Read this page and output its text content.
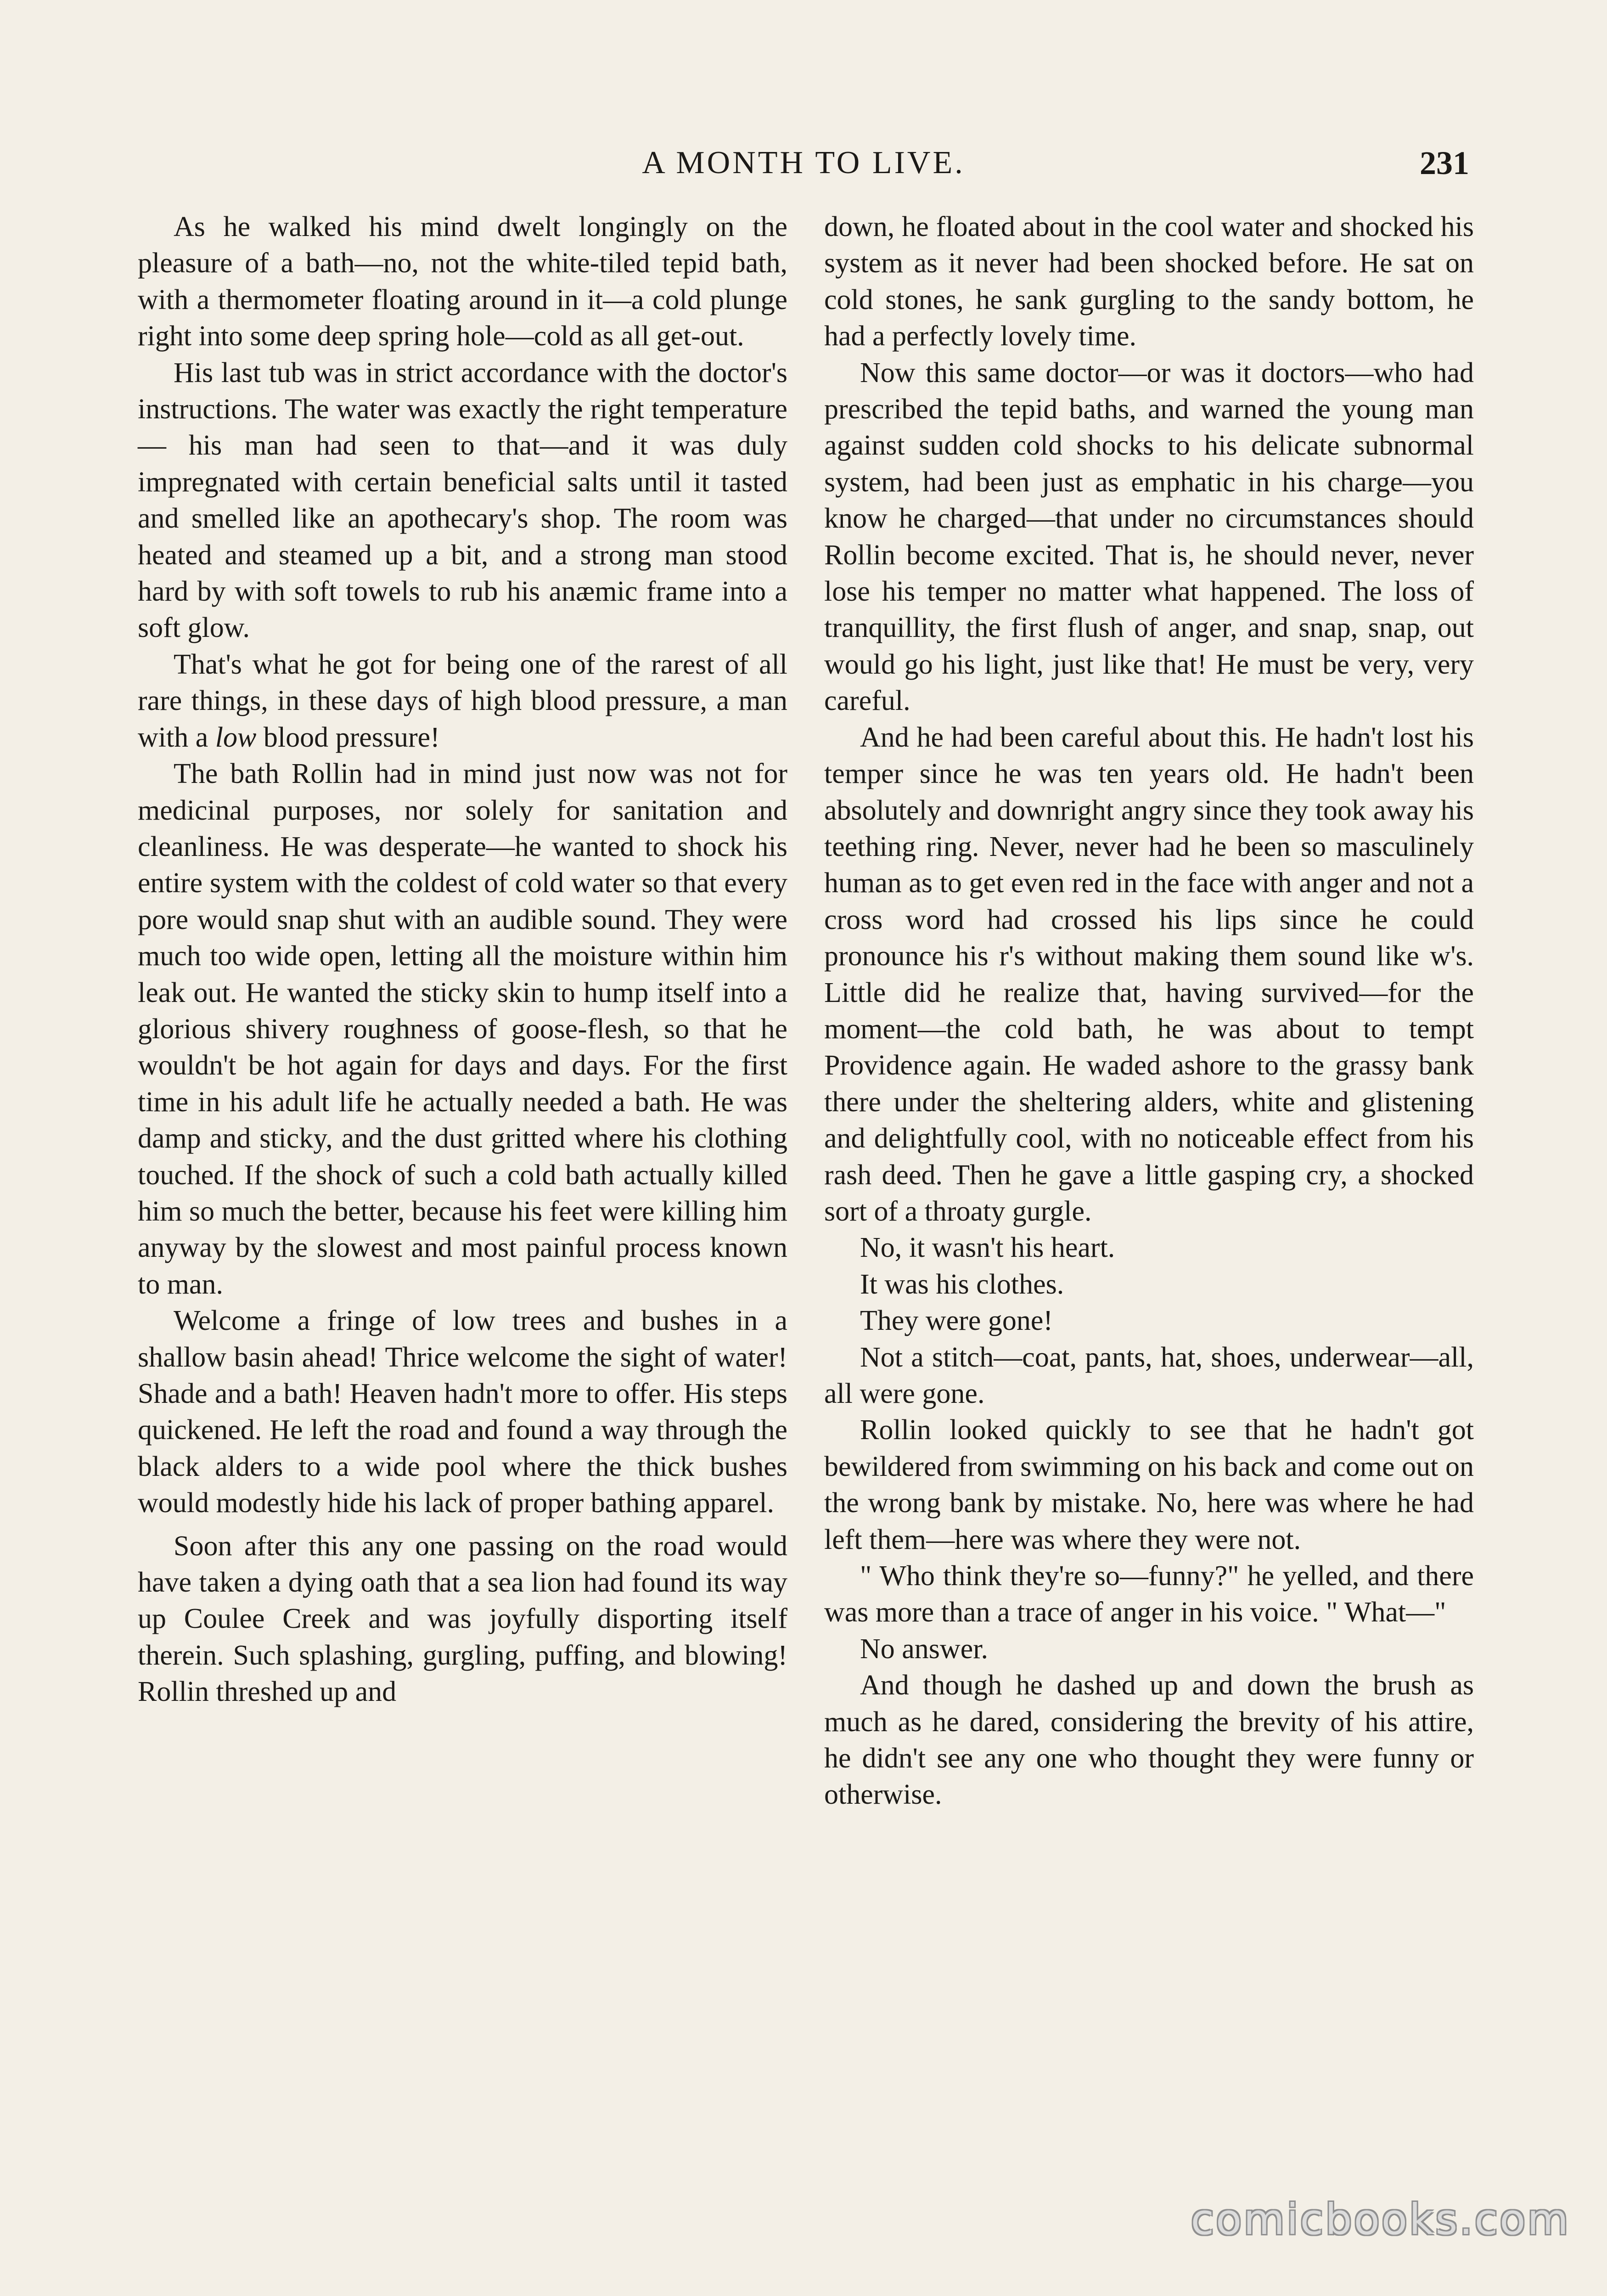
A MONTH TO LIVE.	231

As he walked his mind dwelt longingly on the pleasure of a bath—no, not the white-tiled tepid bath, with a thermometer floating around in it—a cold plunge right into some deep spring hole—cold as all get-out.

His last tub was in strict accordance with the doctor's instructions. The water was exactly the right temperature — his man had seen to that—and it was duly impregnated with certain beneficial salts until it tasted and smelled like an apothecary's shop. The room was heated and steamed up a bit, and a strong man stood hard by with soft towels to rub his anæmic frame into a soft glow.

That's what he got for being one of the rarest of all rare things, in these days of high blood pressure, a man with a low blood pressure!

The bath Rollin had in mind just now was not for medicinal purposes, nor solely for sanitation and cleanliness. He was desperate—he wanted to shock his entire system with the coldest of cold water so that every pore would snap shut with an audible sound. They were much too wide open, letting all the moisture within him leak out. He wanted the sticky skin to hump itself into a glorious shivery roughness of goose-flesh, so that he wouldn't be hot again for days and days. For the first time in his adult life he actually needed a bath. He was damp and sticky, and the dust gritted where his clothing touched. If the shock of such a cold bath actually killed him so much the better, because his feet were killing him anyway by the slowest and most painful process known to man.

Welcome a fringe of low trees and bushes in a shallow basin ahead! Thrice welcome the sight of water! Shade and a bath! Heaven hadn't more to offer. His steps quickened. He left the road and found a way through the black alders to a wide pool where the thick bushes would modestly hide his lack of proper bathing apparel.

Soon after this any one passing on the road would have taken a dying oath that a sea lion had found its way up Coulee Creek and was joyfully disporting itself therein. Such splashing, gurgling, puffing, and blowing! Rollin threshed up and

down, he floated about in the cool water and shocked his system as it never had been shocked before. He sat on cold stones, he sank gurgling to the sandy bottom, he had a perfectly lovely time.

Now this same doctor—or was it doctors—who had prescribed the tepid baths, and warned the young man against sudden cold shocks to his delicate subnormal system, had been just as emphatic in his charge—you know he charged—that under no circumstances should Rollin become excited. That is, he should never, never lose his temper no matter what happened. The loss of tranquillity, the first flush of anger, and snap, snap, out would go his light, just like that! He must be very, very careful.

And he had been careful about this. He hadn't lost his temper since he was ten years old. He hadn't been absolutely and downright angry since they took away his teething ring. Never, never had he been so masculinely human as to get even red in the face with anger and not a cross word had crossed his lips since he could pronounce his r's without making them sound like w's. Little did he realize that, having survived—for the moment—the cold bath, he was about to tempt Providence again. He waded ashore to the grassy bank there under the sheltering alders, white and glistening and delightfully cool, with no noticeable effect from his rash deed. Then he gave a little gasping cry, a shocked sort of a throaty gurgle.

No, it wasn't his heart.

It was his clothes.

They were gone!

Not a stitch—coat, pants, hat, shoes, underwear—all, all were gone.

Rollin looked quickly to see that he hadn't got bewildered from swimming on his back and come out on the wrong bank by mistake. No, here was where he had left them—here was where they were not.

" Who think they're so—funny?" he yelled, and there was more than a trace of anger in his voice. " What—"

No answer.

And though he dashed up and down the brush as much as he dared, considering the brevity of his attire, he didn't see any one who thought they were funny or otherwise.

comicbooks.com
